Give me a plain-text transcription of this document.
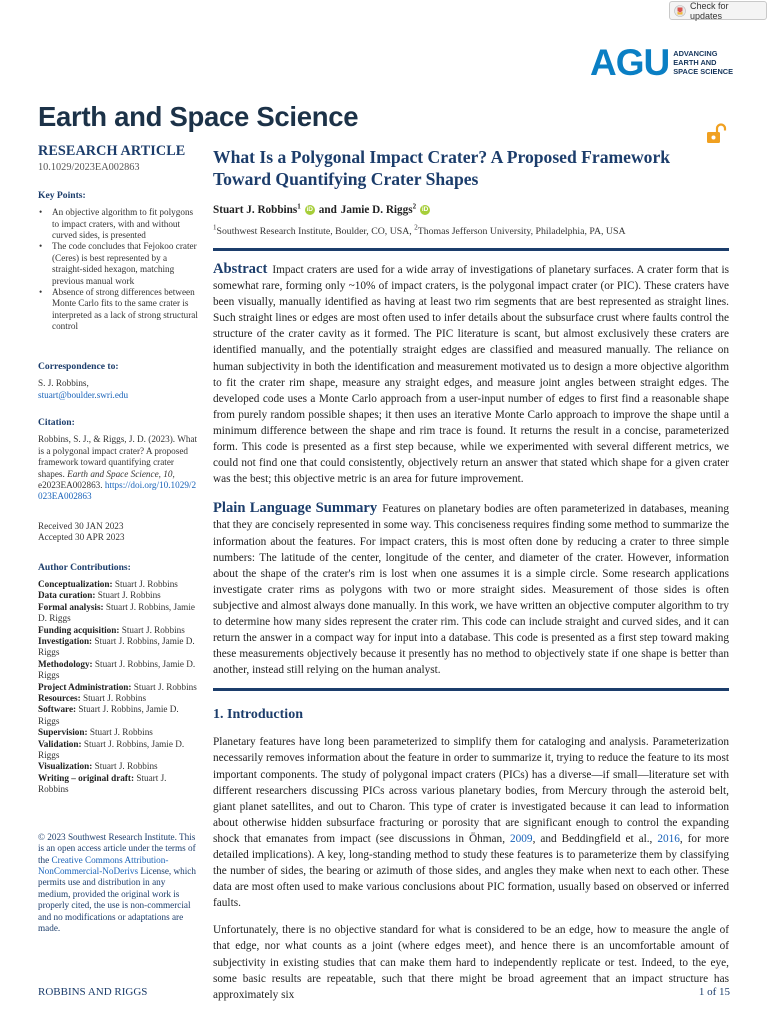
Check for updates
AGU ADVANCING
EARTH AND
SPACE SCIENCE
Earth and Space Science
RESEARCH ARTICLE
10.1029/2023EA002863
Key Points:
• An objective algorithm to fit polygons to impact craters, with and without curved sides, is presented
• The code concludes that Fejokoo crater (Ceres) is best represented by a straight-sided hexagon, matching previous manual work
• Absence of strong differences between Monte Carlo fits to the same crater is interpreted as a lack of strong structural control
Correspondence to:
S. J. Robbins,
stuart@boulder.swri.edu
Citation:
Robbins, S. J., & Riggs, J. D. (2023). What is a polygonal impact crater? A proposed framework toward quantifying crater shapes. Earth and Space Science, 10, e2023EA002863. https://doi.org/10.1029/2023EA002863
Received 30 JAN 2023
Accepted 30 APR 2023
Author Contributions:
Conceptualization: Stuart J. Robbins
Data curation: Stuart J. Robbins
Formal analysis: Stuart J. Robbins, Jamie D. Riggs
Funding acquisition: Stuart J. Robbins
Investigation: Stuart J. Robbins, Jamie D. Riggs
Methodology: Stuart J. Robbins, Jamie D. Riggs
Project Administration: Stuart J. Robbins
Resources: Stuart J. Robbins
Software: Stuart J. Robbins, Jamie D. Riggs
Supervision: Stuart J. Robbins
Validation: Stuart J. Robbins, Jamie D. Riggs
Visualization: Stuart J. Robbins
Writing – original draft: Stuart J. Robbins
© 2023 Southwest Research Institute. This is an open access article under the terms of the Creative Commons Attribution-NonCommercial-NoDerivs License, which permits use and distribution in any medium, provided the original work is properly cited, the use is non-commercial and no modifications or adaptations are made.
What Is a Polygonal Impact Crater? A Proposed Framework Toward Quantifying Crater Shapes
Stuart J. Robbins$^1$ iD and Jamie D. Riggs$^2$ iD
$^1$Southwest Research Institute, Boulder, CO, USA, $^2$Thomas Jefferson University, Philadelphia, PA, USA
Abstract Impact craters are used for a wide array of investigations of planetary surfaces. A crater form that is somewhat rare, forming only ~10% of impact craters, is the polygonal impact crater (or PIC). These craters have been visually, manually identified as having at least two rim segments that are best represented as straight lines. Such straight lines or edges are most often used to infer details about the subsurface crust where faults control the structure of the crater cavity as it formed. The PIC literature is scant, but almost exclusively these craters are identified manually, and the potentially straight edges are classified and measured manually. The reliance on human subjectivity in both the identification and measurement motivated us to design a more objective algorithm to fit the crater rim shape, measure any straight edges, and measure joint angles between straight edges. The developed code uses a Monte Carlo approach from a user-input number of edges to first find a reasonable shape from purely random possible shapes; it then uses an iterative Monte Carlo approach to improve the shape until a minimum difference between the shape and rim trace is found. It returns the result in a concise, parameterized form. This code is presented as a first step because, while we experimented with several different metrics, we could not find one that could consistently, objectively return an answer that stated which shape for a given crater was the best; this objective metric is an area for future improvement.
Plain Language Summary Features on planetary bodies are often parameterized in databases, meaning that they are concisely represented in some way. This conciseness requires finding some method to summarize the information about the features. For impact craters, this is most often done by reducing a crater to three simple numbers: The latitude of the center, longitude of the center, and diameter of the crater. However, information about the shape of the crater's rim is lost when one assumes it is a simple circle. Some research applications investigate crater rims as polygons with two or more straight sides. Measurement of those sides is often subjective and almost always done manually. In this work, we have written an objective computer algorithm to try to determine how many sides represent the crater rim. This code can include straight and curved sides, and it can return the answer in a compact way for input into a database. This code is presented as a first step toward making these measurements objectively because it presently has no method to objectively state if one shape is better than another, instead still relying on the human analyst.
1. Introduction
Planetary features have long been parameterized to simplify them for cataloging and analysis. Parameterization necessarily removes information about the feature in order to summarize it, trying to reduce the feature to its most important components. The study of polygonal impact craters (PICs) has a diverse—if small—literature set with different researchers discussing PICs across various planetary bodies, from Mercury through the asteroid belt, giant planet satellites, and out to Charon. This type of crater is investigated because it can lead to information about otherwise hidden subsurface fracturing or porosity that are significant enough to control the expanding shock that emanates from impact (see discussions in Öhman, 2009, and Beddingfield et al., 2016, for more detailed implications). A key, long-standing method to study these features is to parameterize them by classifying the number of sides, the bearing or azimuth of those sides, and angles they make when next to each other. These data are most often used to make various conclusions about PIC formation, usually based on observed or inferred faults.
Unfortunately, there is no objective standard for what is considered to be an edge, how to measure the angle of that edge, nor what counts as a joint (where edges meet), and hence there is an uncomfortable amount of subjectivity in existing studies that can make them hard to independently replicate or test. Indeed, to the eye, some basic results are repeatable, such that there might be broad agreement that an impact structure has approximately six
ROBBINS AND RIGGS	1 of 15
